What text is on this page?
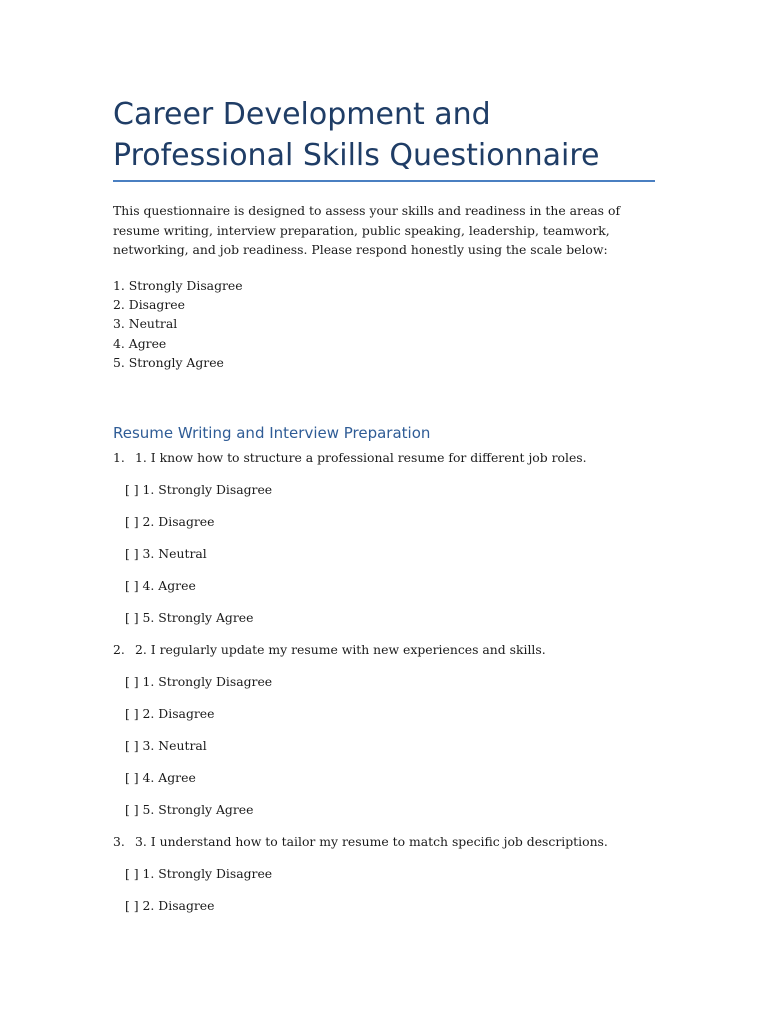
Career Development and Professional Skills Questionnaire

This questionnaire is designed to assess your skills and readiness in the areas of resume writing, interview preparation, public speaking, leadership, teamwork, networking, and job readiness. Please respond honestly using the scale below:

1. Strongly Disagree
2. Disagree
3. Neutral
4. Agree
5. Strongly Agree
Resume Writing and Interview Preparation
1. 1. I know how to structure a professional resume for different job roles.
[ ] 1. Strongly Disagree
[ ] 2. Disagree
[ ] 3. Neutral
[ ] 4. Agree
[ ] 5. Strongly Agree
2. 2. I regularly update my resume with new experiences and skills.
[ ] 1. Strongly Disagree
[ ] 2. Disagree
[ ] 3. Neutral
[ ] 4. Agree
[ ] 5. Strongly Agree
3. 3. I understand how to tailor my resume to match specific job descriptions.
[ ] 1. Strongly Disagree
[ ] 2. Disagree
